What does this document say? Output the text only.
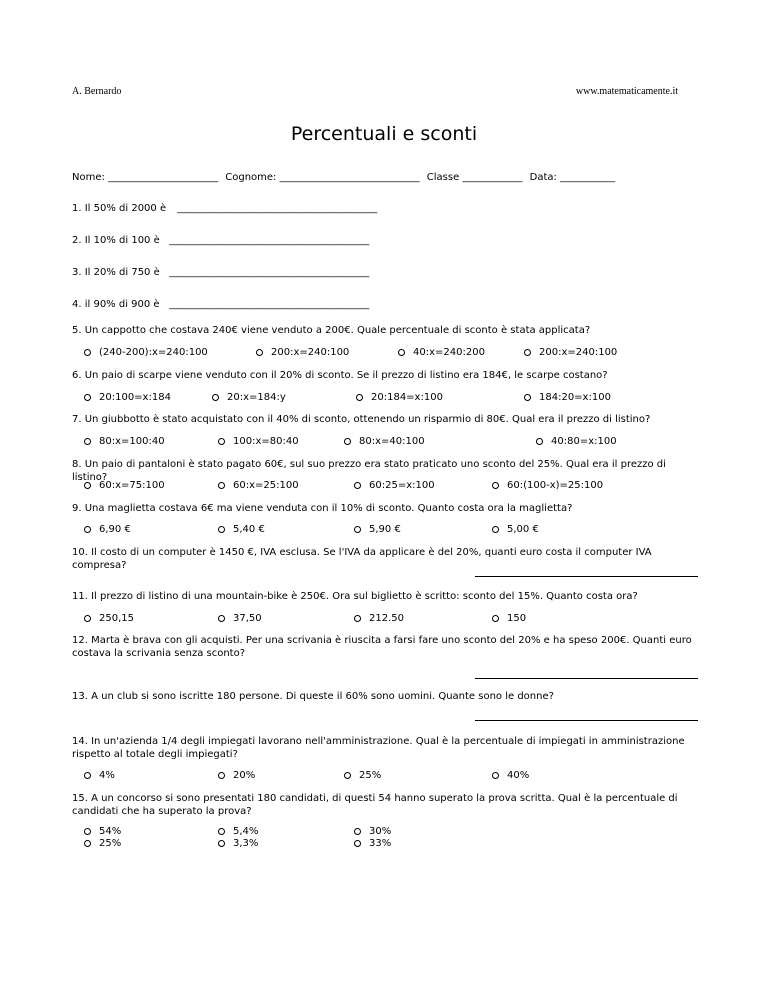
A. Bernardo	www.matematicamente.it
Percentuali e sconti
Nome: ______________________ Cognome: ____________________________ Classe ____________ Data: ___________
1. Il 50% di 2000 è ________________________________________
2. Il 10% di 100 è ________________________________________
3. Il 20% di 750 è ________________________________________
4. il 90% di 900 è ________________________________________
5. Un cappotto che costava 240€ viene venduto a 200€. Quale percentuale di sconto è stata applicata?
(240-200):x=240:100	200:x=240:100	40:x=240:200	200:x=240:100
6. Un paio di scarpe viene venduto con il 20% di sconto. Se il prezzo di listino era 184€, le scarpe costano?
20:100=x:184	20:x=184:y	20:184=x:100	184:20=x:100
7. Un giubbotto è stato acquistato con il 40% di sconto, ottenendo un risparmio di 80€. Qual era il prezzo di listino?
80:x=100:40	100:x=80:40	80:x=40:100	40:80=x:100
8. Un paio di pantaloni è stato pagato 60€, sul suo prezzo era stato praticato uno sconto del 25%. Qual era il prezzo di listino?
60:x=75:100	60:x=25:100	60:25=x:100	60:(100-x)=25:100
9. Una maglietta costava 6€ ma viene venduta con il 10% di sconto. Quanto costa ora la maglietta?
6,90 €	5,40 €	5,90 €	5,00 €
10. Il costo di un computer è 1450 €, IVA esclusa. Se l'IVA da applicare è del 20%, quanti euro costa il computer IVA compresa?
11. Il prezzo di listino di una mountain-bike è 250€. Ora sul biglietto è scritto: sconto del 15%. Quanto costa ora?
250,15	37,50	212.50	150
12. Marta è brava con gli acquisti. Per una scrivania è riuscita a farsi fare uno sconto del 20% e ha speso 200€. Quanti euro costava la scrivania senza sconto?
13. A un club si sono iscritte 180 persone. Di queste il 60% sono uomini. Quante sono le donne?
14. In un'azienda 1/4 degli impiegati lavorano nell'amministrazione. Qual è la percentuale di impiegati in amministrazione rispetto al totale degli impiegati?
4%	20%	25%	40%
15. A un concorso si sono presentati 180 candidati, di questi 54 hanno superato la prova scritta. Qual è la percentuale di candidati che ha superato la prova?
54%	5,4%	30%
25%	3,3%	33%
